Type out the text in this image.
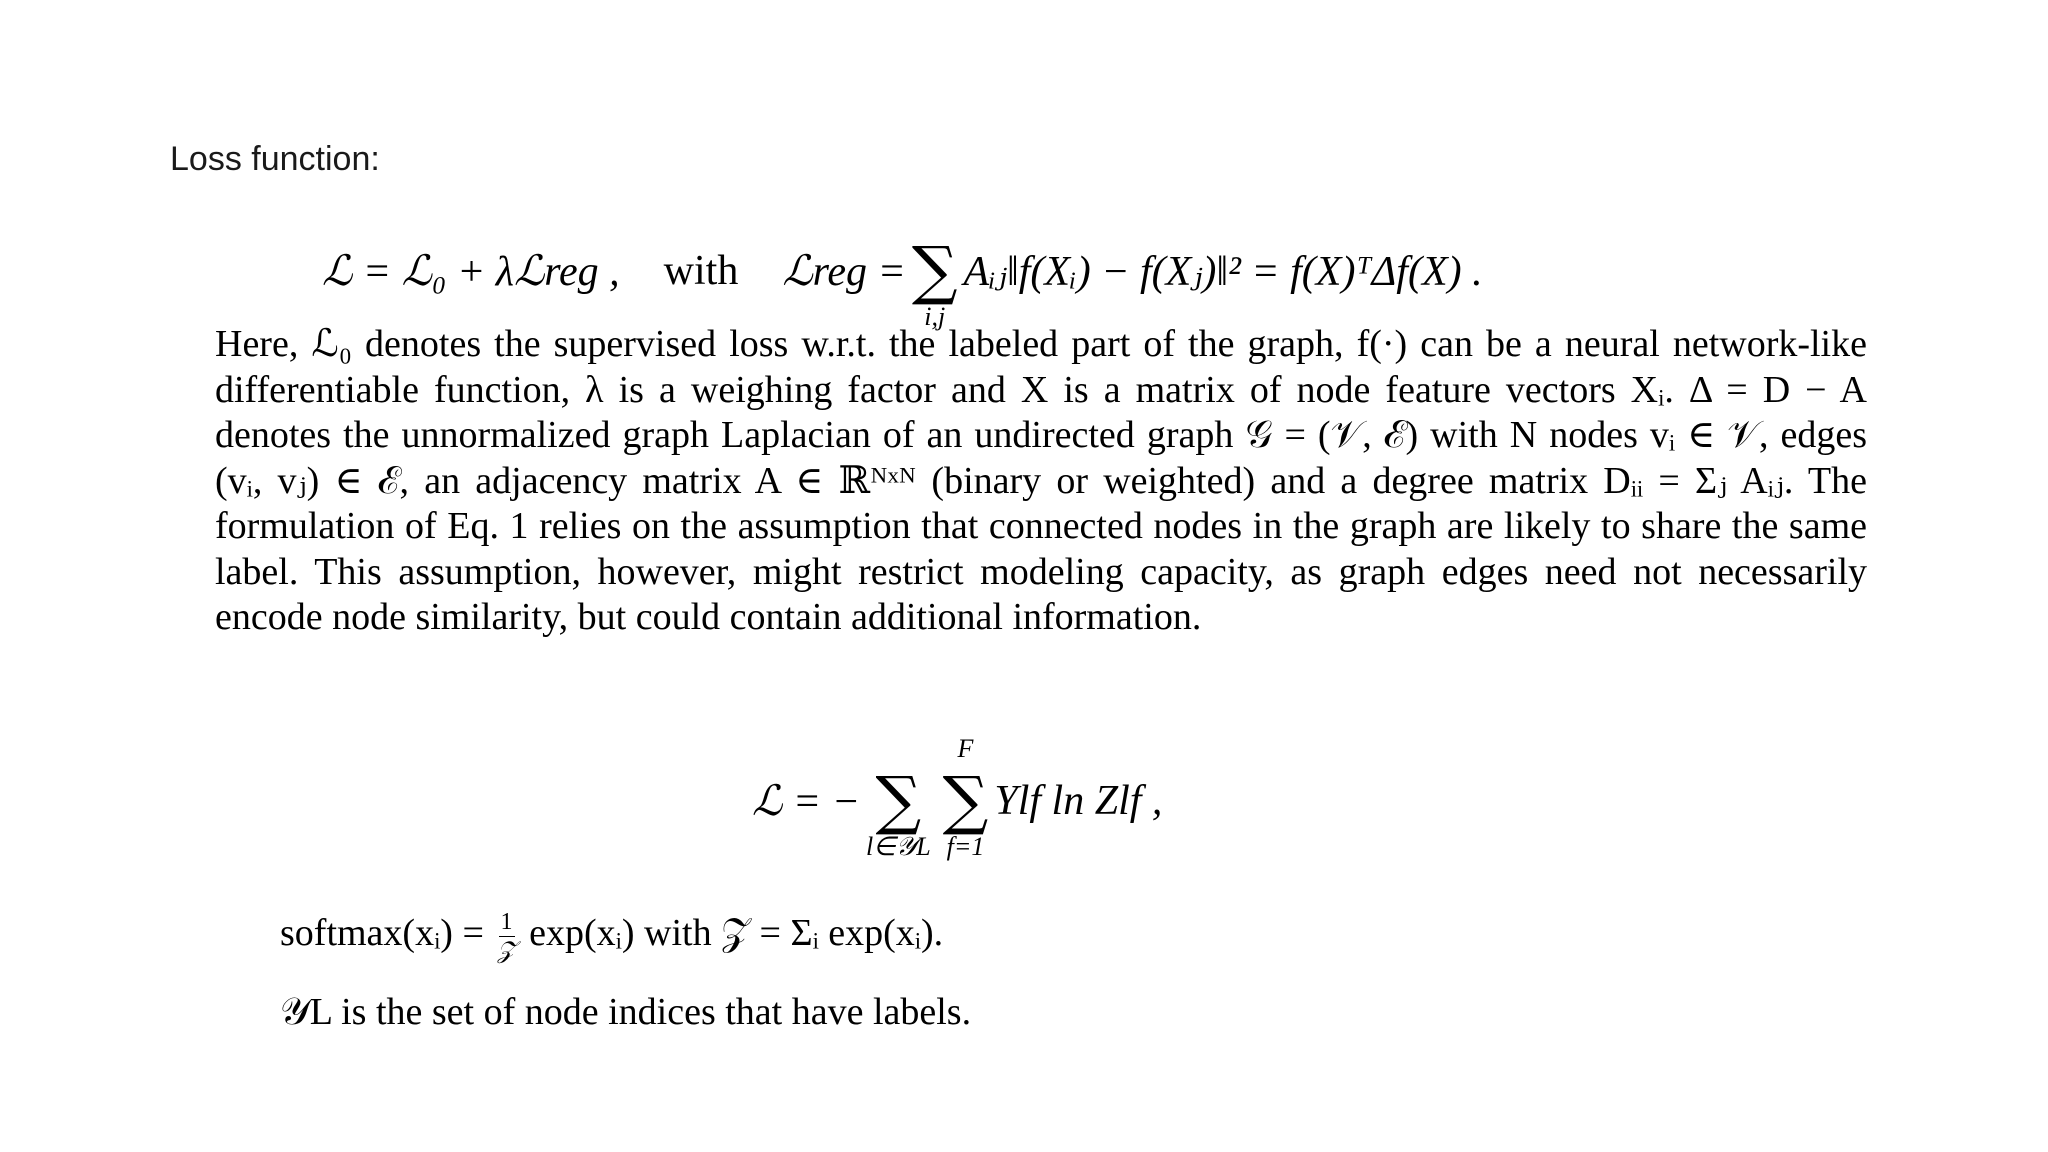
Loss function:
ℒ = ℒ₀ + λℒreg , with ℒreg = ∑
i,j
Aᵢⱼ‖f(Xᵢ) − f(Xⱼ)‖² = f(X)ᵀΔf(X) .
Here, ℒ₀ denotes the supervised loss w.r.t. the labeled part of the graph, f(·) can be a neural network-like differentiable function, λ is a weighing factor and X is a matrix of node feature vectors Xᵢ. Δ = D − A denotes the unnormalized graph Laplacian of an undirected graph 𝒢 = (𝒱, ℰ) with N nodes vᵢ ∈ 𝒱, edges (vᵢ, vⱼ) ∈ ℰ, an adjacency matrix A ∈ ℝᴺˣᴺ (binary or weighted) and a degree matrix Dᵢᵢ = Σⱼ Aᵢⱼ. The formulation of Eq. 1 relies on the assumption that connected nodes in the graph are likely to share the same label. This assumption, however, might restrict modeling capacity, as graph edges need not necessarily encode node similarity, but could contain additional information.
ℒ = − ∑
l∈𝒴L
F
∑
f=1
Ylf ln Zlf ,
softmax(xᵢ) = $\frac{1}{\text{𝒵}}$ exp(xᵢ) with 𝒵 = Σᵢ exp(xᵢ).
𝒴L is the set of node indices that have labels.
